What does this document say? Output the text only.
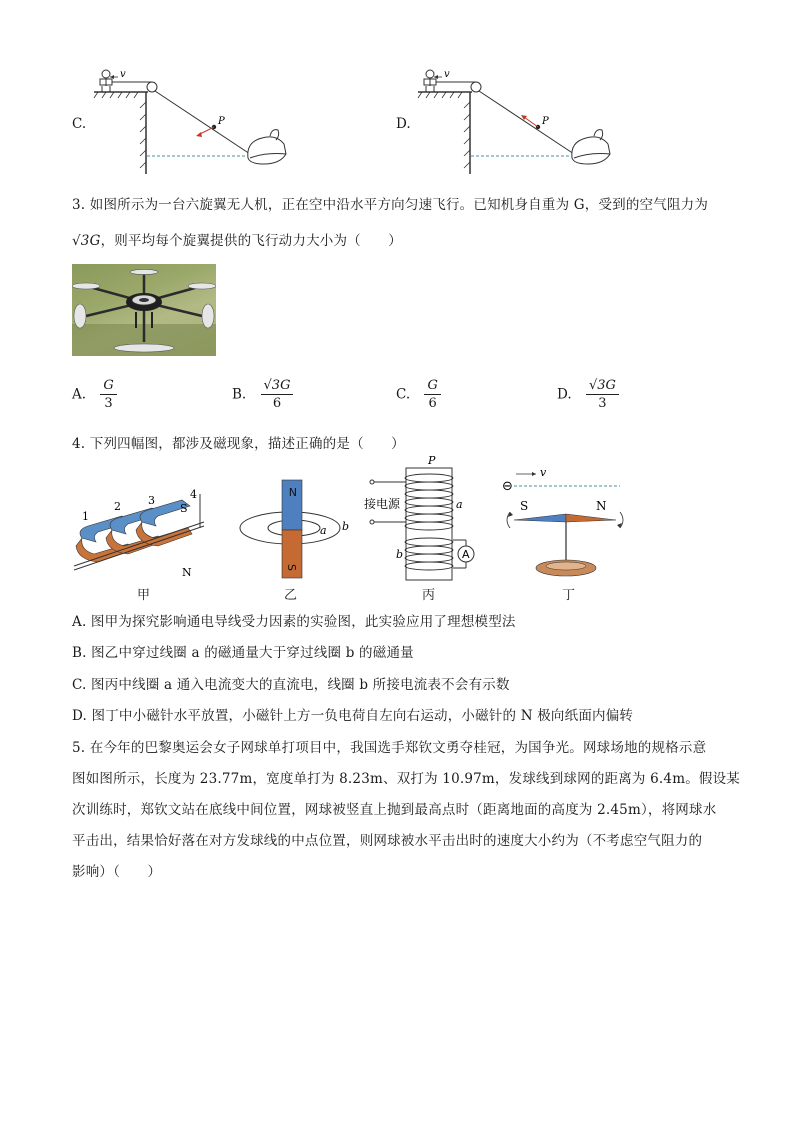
C.
v
P	D.
v
P
3. 如图所示为一台六旋翼无人机，正在空中沿水平方向匀速飞行。已知机身自重为 G，受到的空气阻力为
√3G，则平均每个旋翼提供的飞行动力大小为（　　）
A. $\frac{G}{3}$	B. $\frac{√3G}{6}$	C. $\frac{G}{6}$	D. $\frac{√3G}{3}$
4. 下列四幅图，都涉及磁现象，描述正确的是（　　）
1
2 3	4
S
N
甲
N
S
a b
乙
P
接电源	a
b	A
丙
⊖
v
S	N
丁
A. 图甲为探究影响通电导线受力因素的实验图，此实验应用了理想模型法
B. 图乙中穿过线圈 a 的磁通量大于穿过线圈 b 的磁通量
C. 图丙中线圈 a 通入电流变大的直流电，线圈 b 所接电流表不会有示数
D. 图丁中小磁针水平放置，小磁针上方一负电荷自左向右运动，小磁针的 N 极向纸面内偏转
5. 在今年的巴黎奥运会女子网球单打项目中，我国选手郑钦文勇夺桂冠，为国争光。网球场地的规格示意
图如图所示，长度为 23.77m，宽度单打为 8.23m、双打为 10.97m，发球线到球网的距离为 6.4m。假设某
次训练时，郑钦文站在底线中间位置，网球被竖直上抛到最高点时（距离地面的高度为 2.45m），将网球水
平击出，结果恰好落在对方发球线的中点位置，则网球被水平击出时的速度大小约为（不考虑空气阻力的
影响）（　　）
